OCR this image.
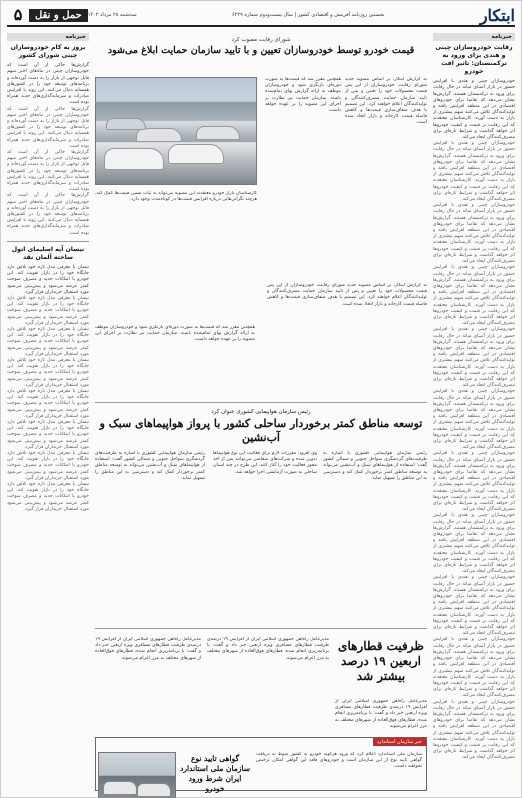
ابتکار
نخستین روزنامه آفرینش و اقتصادی کشور | سال بیست‌ودوم شماره ۶۲۲۹
سه‌شنبه ۲۸ مرداد ۱۴۰۲
حمل و نقل
۵
خبرنامه
رقابت خودروسازان چینی و هندی برای ورود به ترکمنستان: تاثیر افت خودرو

خودروسازان چینی و هندی با افزایش حضور در بازار آسیای میانه در حال رقابت برای ورود به ترکمنستان هستند. گزارش‌ها نشان می‌دهد که تقاضا برای خودروهای اقتصادی در این منطقه افزایش یافته و تولیدکنندگان تلاش می‌کنند سهم بیشتری از بازار به دست آورند. کارشناسان معتقدند که این رقابت بر قیمت و کیفیت خودروها اثر خواهد گذاشت و شرایط تازه‌ای برای مصرف‌کنندگان ایجاد می‌کند.

خودروسازان چینی و هندی با افزایش حضور در بازار آسیای میانه در حال رقابت برای ورود به ترکمنستان هستند. گزارش‌ها نشان می‌دهد که تقاضا برای خودروهای اقتصادی در این منطقه افزایش یافته و تولیدکنندگان تلاش می‌کنند سهم بیشتری از بازار به دست آورند. کارشناسان معتقدند که این رقابت بر قیمت و کیفیت خودروها اثر خواهد گذاشت و شرایط تازه‌ای برای مصرف‌کنندگان ایجاد می‌کند.

خودروسازان چینی و هندی با افزایش حضور در بازار آسیای میانه در حال رقابت برای ورود به ترکمنستان هستند. گزارش‌ها نشان می‌دهد که تقاضا برای خودروهای اقتصادی در این منطقه افزایش یافته و تولیدکنندگان تلاش می‌کنند سهم بیشتری از بازار به دست آورند. کارشناسان معتقدند که این رقابت بر قیمت و کیفیت خودروها اثر خواهد گذاشت و شرایط تازه‌ای برای مصرف‌کنندگان ایجاد می‌کند.

خودروسازان چینی و هندی با افزایش حضور در بازار آسیای میانه در حال رقابت برای ورود به ترکمنستان هستند. گزارش‌ها نشان می‌دهد که تقاضا برای خودروهای اقتصادی در این منطقه افزایش یافته و تولیدکنندگان تلاش می‌کنند سهم بیشتری از بازار به دست آورند. کارشناسان معتقدند که این رقابت بر قیمت و کیفیت خودروها اثر خواهد گذاشت و شرایط تازه‌ای برای مصرف‌کنندگان ایجاد می‌کند.

خودروسازان چینی و هندی با افزایش حضور در بازار آسیای میانه در حال رقابت برای ورود به ترکمنستان هستند. گزارش‌ها نشان می‌دهد که تقاضا برای خودروهای اقتصادی در این منطقه افزایش یافته و تولیدکنندگان تلاش می‌کنند سهم بیشتری از بازار به دست آورند. کارشناسان معتقدند که این رقابت بر قیمت و کیفیت خودروها اثر خواهد گذاشت و شرایط تازه‌ای برای مصرف‌کنندگان ایجاد می‌کند.

خودروسازان چینی و هندی با افزایش حضور در بازار آسیای میانه در حال رقابت برای ورود به ترکمنستان هستند. گزارش‌ها نشان می‌دهد که تقاضا برای خودروهای اقتصادی در این منطقه افزایش یافته و تولیدکنندگان تلاش می‌کنند سهم بیشتری از بازار به دست آورند. کارشناسان معتقدند که این رقابت بر قیمت و کیفیت خودروها اثر خواهد گذاشت و شرایط تازه‌ای برای مصرف‌کنندگان ایجاد می‌کند.

خودروسازان چینی و هندی با افزایش حضور در بازار آسیای میانه در حال رقابت برای ورود به ترکمنستان هستند. گزارش‌ها نشان می‌دهد که تقاضا برای خودروهای اقتصادی در این منطقه افزایش یافته و تولیدکنندگان تلاش می‌کنند سهم بیشتری از بازار به دست آورند. کارشناسان معتقدند که این رقابت بر قیمت و کیفیت خودروها اثر خواهد گذاشت و شرایط تازه‌ای برای مصرف‌کنندگان ایجاد می‌کند.

خودروسازان چینی و هندی با افزایش حضور در بازار آسیای میانه در حال رقابت برای ورود به ترکمنستان هستند. گزارش‌ها نشان می‌دهد که تقاضا برای خودروهای اقتصادی در این منطقه افزایش یافته و تولیدکنندگان تلاش می‌کنند سهم بیشتری از بازار به دست آورند. کارشناسان معتقدند که این رقابت بر قیمت و کیفیت خودروها اثر خواهد گذاشت و شرایط تازه‌ای برای مصرف‌کنندگان ایجاد می‌کند.

خودروسازان چینی و هندی با افزایش حضور در بازار آسیای میانه در حال رقابت برای ورود به ترکمنستان هستند. گزارش‌ها نشان می‌دهد که تقاضا برای خودروهای اقتصادی در این منطقه افزایش یافته و تولیدکنندگان تلاش می‌کنند سهم بیشتری از بازار به دست آورند. کارشناسان معتقدند که این رقابت بر قیمت و کیفیت خودروها اثر خواهد گذاشت و شرایط تازه‌ای برای مصرف‌کنندگان ایجاد می‌کند.

خودروسازان چینی و هندی با افزایش حضور در بازار آسیای میانه در حال رقابت برای ورود به ترکمنستان هستند. گزارش‌ها نشان می‌دهد که تقاضا برای خودروهای اقتصادی در این منطقه افزایش یافته و تولیدکنندگان تلاش می‌کنند سهم بیشتری از بازار به دست آورند. کارشناسان معتقدند که این رقابت بر قیمت و کیفیت خودروها اثر خواهد گذاشت و شرایط تازه‌ای برای مصرف‌کنندگان ایجاد می‌کند.

خودروسازان چینی و هندی با افزایش حضور در بازار آسیای میانه در حال رقابت برای ورود به ترکمنستان هستند. گزارش‌ها نشان می‌دهد که تقاضا برای خودروهای اقتصادی در این منطقه افزایش یافته و تولیدکنندگان تلاش می‌کنند سهم بیشتری از بازار به دست آورند. کارشناسان معتقدند که این رقابت بر قیمت و کیفیت خودروها اثر خواهد گذاشت و شرایط تازه‌ای برای مصرف‌کنندگان ایجاد می‌کند.

خبرنامه
بروز به کام خودروسازان چینی شورای کشور

گزارش‌ها حاکی از آن است که خودروسازان چینی در ماه‌های اخیر سهم قابل توجهی از بازار را به دست آورده‌اند و برنامه‌های توسعه خود را در کشورهای همسایه دنبال می‌کنند. این روند با افزایش صادرات و سرمایه‌گذاری‌های جدید همراه بوده است.

گزارش‌ها حاکی از آن است که خودروسازان چینی در ماه‌های اخیر سهم قابل توجهی از بازار را به دست آورده‌اند و برنامه‌های توسعه خود را در کشورهای همسایه دنبال می‌کنند. این روند با افزایش صادرات و سرمایه‌گذاری‌های جدید همراه بوده است.

گزارش‌ها حاکی از آن است که خودروسازان چینی در ماه‌های اخیر سهم قابل توجهی از بازار را به دست آورده‌اند و برنامه‌های توسعه خود را در کشورهای همسایه دنبال می‌کنند. این روند با افزایش صادرات و سرمایه‌گذاری‌های جدید همراه بوده است.

گزارش‌ها حاکی از آن است که خودروسازان چینی در ماه‌های اخیر سهم قابل توجهی از بازار را به دست آورده‌اند و برنامه‌های توسعه خود را در کشورهای همسایه دنبال می‌کنند. این روند با افزایش صادرات و سرمایه‌گذاری‌های جدید همراه بوده است.

نیسان آپه اسلیمای اتول ساخته آلمان نقد

نیسان با معرفی مدل تازه خود تلاش دارد جایگاه خود را در بازار تقویت کند. این خودرو با امکانات جدید و مصرف سوخت کمتر عرضه می‌شود و پیش‌بینی می‌شود مورد استقبال خریداران قرار گیرد.

نیسان با معرفی مدل تازه خود تلاش دارد جایگاه خود را در بازار تقویت کند. این خودرو با امکانات جدید و مصرف سوخت کمتر عرضه می‌شود و پیش‌بینی می‌شود مورد استقبال خریداران قرار گیرد.

نیسان با معرفی مدل تازه خود تلاش دارد جایگاه خود را در بازار تقویت کند. این خودرو با امکانات جدید و مصرف سوخت کمتر عرضه می‌شود و پیش‌بینی می‌شود مورد استقبال خریداران قرار گیرد.

نیسان با معرفی مدل تازه خود تلاش دارد جایگاه خود را در بازار تقویت کند. این خودرو با امکانات جدید و مصرف سوخت کمتر عرضه می‌شود و پیش‌بینی می‌شود مورد استقبال خریداران قرار گیرد.

نیسان با معرفی مدل تازه خود تلاش دارد جایگاه خود را در بازار تقویت کند. این خودرو با امکانات جدید و مصرف سوخت کمتر عرضه می‌شود و پیش‌بینی می‌شود مورد استقبال خریداران قرار گیرد.

نیسان با معرفی مدل تازه خود تلاش دارد جایگاه خود را در بازار تقویت کند. این خودرو با امکانات جدید و مصرف سوخت کمتر عرضه می‌شود و پیش‌بینی می‌شود مورد استقبال خریداران قرار گیرد.

نیسان با معرفی مدل تازه خود تلاش دارد جایگاه خود را در بازار تقویت کند. این خودرو با امکانات جدید و مصرف سوخت کمتر عرضه می‌شود و پیش‌بینی می‌شود مورد استقبال خریداران قرار گیرد.

نیسان با معرفی مدل تازه خود تلاش دارد جایگاه خود را در بازار تقویت کند. این خودرو با امکانات جدید و مصرف سوخت کمتر عرضه می‌شود و پیش‌بینی می‌شود مورد استقبال خریداران قرار گیرد.

شورای رقابت مصوب کرد
قیمت خودرو توسط خودروسازان تعیین و با تایید سازمان حمایت ابلاغ می‌شود
به گزارش ابتکار، بر اساس مصوبه جدید شورای رقابت، خودروسازان از این پس قیمت محصولات خود را تعیین و پس از تایید سازمان حمایت مصرف‌کنندگان و تولیدکنندگان اعلام خواهند کرد. این تصمیم با هدف شفاف‌سازی قیمت‌ها و کاهش فاصله قیمت کارخانه و بازار اتخاذ شده است.
همچنین مقرر شد که قیمت‌ها به صورت دوره‌ای بازنگری شود و خودروسازان موظف به ارائه گزارش بهای تمام‌شده باشند. سازمان حمایت نیز نظارت بر اجرای این مصوبه را بر عهده خواهد داشت.
کارشناسان بازار خودرو معتقدند این مصوبه می‌تواند به ثبات نسبی قیمت‌ها کمک کند، هرچند نگرانی‌هایی درباره افزایش قیمت‌ها در کوتاه‌مدت وجود دارد.
به گزارش ابتکار، بر اساس مصوبه جدید شورای رقابت، خودروسازان از این پس قیمت محصولات خود را تعیین و پس از تایید سازمان حمایت مصرف‌کنندگان و تولیدکنندگان اعلام خواهند کرد. این تصمیم با هدف شفاف‌سازی قیمت‌ها و کاهش فاصله قیمت کارخانه و بازار اتخاذ شده است.
همچنین مقرر شد که قیمت‌ها به صورت دوره‌ای بازنگری شود و خودروسازان موظف به ارائه گزارش بهای تمام‌شده باشند. سازمان حمایت نیز نظارت بر اجرای این مصوبه را بر عهده خواهد داشت.
رئیس سازمان هواپیمایی کشوری عنوان کرد
توسعه مناطق کمتر برخوردار ساحلی کشور با پرواز هواپیماهای سبک و آب‌نشین
رئیس سازمان هواپیمایی کشوری با اشاره به ظرفیت‌های گردشگری سواحل جنوبی و شمالی کشور گفت: استفاده از هواپیماهای سبک و آب‌نشین می‌تواند به توسعه مناطق کمتر برخوردار کمک کند و دسترسی به این مناطق را تسهیل نماید.
وی افزود: مقررات لازم برای فعالیت این نوع هواپیماها تدوین شده و شرکت‌های متقاضی می‌توانند پس از اخذ مجوز فعالیت خود را آغاز کنند. این طرح در چند استان ساحلی به صورت آزمایشی اجرا خواهد شد.
رئیس سازمان هواپیمایی کشوری با اشاره به ظرفیت‌های گردشگری سواحل جنوبی و شمالی کشور گفت: استفاده از هواپیماهای سبک و آب‌نشین می‌تواند به توسعه مناطق کمتر برخوردار کمک کند و دسترسی به این مناطق را تسهیل نماید.
ظرفیت قطارهای اربعین ۱۹ درصد بیشتر شد
مدیرعامل راه‌آهن جمهوری اسلامی ایران از افزایش ۱۹ درصدی ظرفیت قطارهای مسافری ویژه اربعین خبر داد و گفت: با برنامه‌ریزی انجام شده، قطارهای فوق‌العاده از شهرهای مختلف به مرز اعزام می‌شوند.
مدیرعامل راه‌آهن جمهوری اسلامی ایران از افزایش ۱۹ درصدی ظرفیت قطارهای مسافری ویژه اربعین خبر داد و گفت: با برنامه‌ریزی انجام شده، قطارهای فوق‌العاده از شهرهای مختلف به مرز اعزام می‌شوند.
مدیرعامل راه‌آهن جمهوری اسلامی ایران از افزایش ۱۹ درصدی ظرفیت قطارهای مسافری ویژه اربعین خبر داد و گفت: با برنامه‌ریزی انجام شده، قطارهای فوق‌العاده از شهرهای مختلف به مرز اعزام می‌شوند.
خبر سازمان استاندارد
گواهی تایید نوع سازمان ملی استاندارد ایران شرط ورود خودرو
سازمان ملی استاندارد اعلام کرد که ورود هرگونه خودرو به کشور منوط به دریافت گواهی تایید نوع از این سازمان است و خودروهای فاقد این گواهی امکان ترخیص نخواهند داشت.
